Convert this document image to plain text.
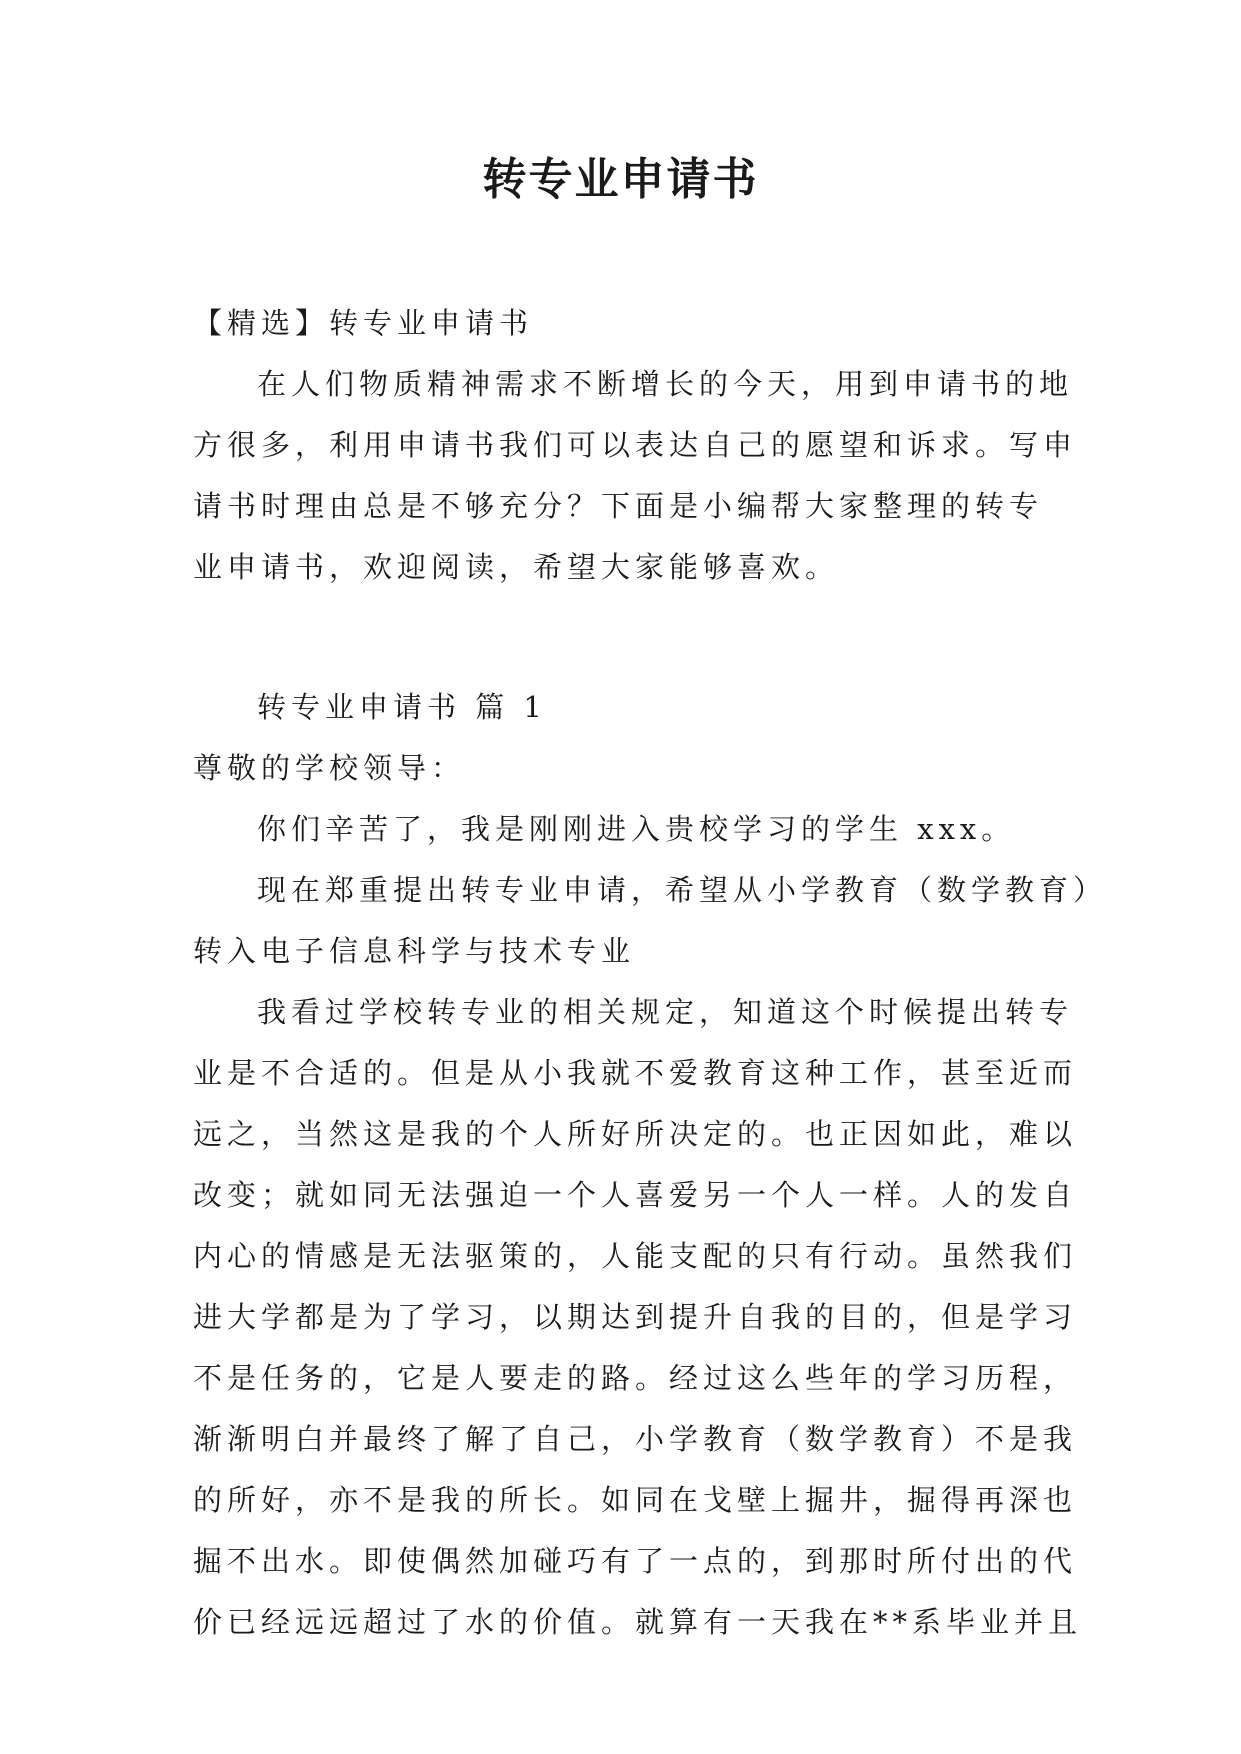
转专业申请书

【精选】转专业申请书

在人们物质精神需求不断增长的今天，用到申请书的地

方很多，利用申请书我们可以表达自己的愿望和诉求。写申

请书时理由总是不够充分？下面是小编帮大家整理的转专

业申请书，欢迎阅读，希望大家能够喜欢。

转专业申请书 篇 1

尊敬的学校领导：

你们辛苦了，我是刚刚进入贵校学习的学生 xxx。

现在郑重提出转专业申请，希望从小学教育（数学教育）

转入电子信息科学与技术专业

我看过学校转专业的相关规定，知道这个时候提出转专

业是不合适的。但是从小我就不爱教育这种工作，甚至近而

远之，当然这是我的个人所好所决定的。也正因如此，难以

改变；就如同无法强迫一个人喜爱另一个人一样。人的发自

内心的情感是无法驱策的，人能支配的只有行动。虽然我们

进大学都是为了学习，以期达到提升自我的目的，但是学习

不是任务的，它是人要走的路。经过这么些年的学习历程，

渐渐明白并最终了解了自己，小学教育（数学教育）不是我

的所好，亦不是我的所长。如同在戈壁上掘井，掘得再深也

掘不出水。即使偶然加碰巧有了一点的，到那时所付出的代

价已经远远超过了水的价值。就算有一天我在**系毕业并且
